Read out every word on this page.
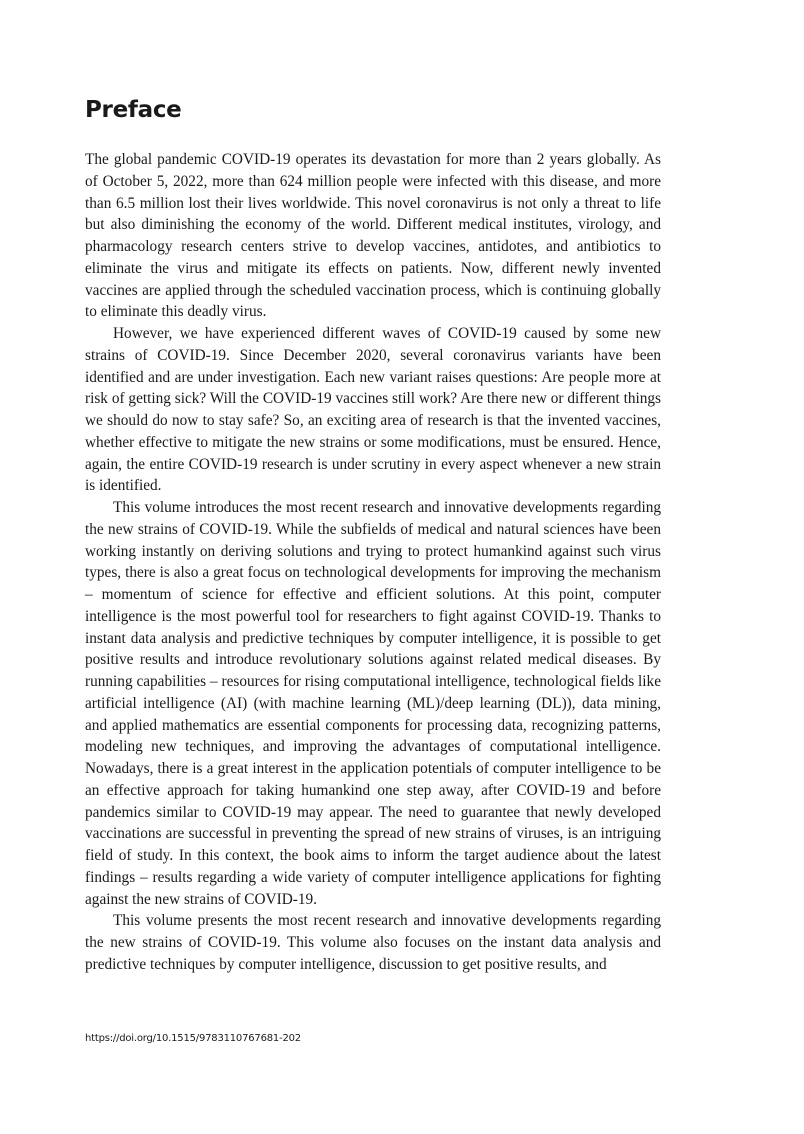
Preface

The global pandemic COVID-19 operates its devastation for more than 2 years globally. As of October 5, 2022, more than 624 million people were infected with this disease, and more than 6.5 million lost their lives worldwide. This novel coronavirus is not only a threat to life but also diminishing the economy of the world. Different medical institutes, virology, and pharmacology research centers strive to develop vaccines, antidotes, and antibiotics to eliminate the virus and mitigate its effects on patients. Now, different newly invented vaccines are applied through the scheduled vaccination process, which is continuing globally to eliminate this deadly virus.

However, we have experienced different waves of COVID-19 caused by some new strains of COVID-19. Since December 2020, several coronavirus variants have been identified and are under investigation. Each new variant raises questions: Are people more at risk of getting sick? Will the COVID-19 vaccines still work? Are there new or different things we should do now to stay safe? So, an exciting area of research is that the invented vaccines, whether effective to mitigate the new strains or some modifications, must be ensured. Hence, again, the entire COVID-19 research is under scrutiny in every aspect whenever a new strain is identified.

This volume introduces the most recent research and innovative developments regarding the new strains of COVID-19. While the subfields of medical and natural sciences have been working instantly on deriving solutions and trying to protect humankind against such virus types, there is also a great focus on technological developments for improving the mechanism – momentum of science for effective and efficient solutions. At this point, computer intelligence is the most powerful tool for researchers to fight against COVID-19. Thanks to instant data analysis and predictive techniques by computer intelligence, it is possible to get positive results and introduce revolutionary solutions against related medical diseases. By running capabilities – resources for rising computational intelligence, technological fields like artificial intelligence (AI) (with machine learning (ML)/deep learning (DL)), data mining, and applied mathematics are essential components for processing data, recognizing patterns, modeling new techniques, and improving the advantages of computational intelligence. Nowadays, there is a great interest in the application potentials of computer intelligence to be an effective approach for taking humankind one step away, after COVID-19 and before pandemics similar to COVID-19 may appear. The need to guarantee that newly developed vaccinations are successful in preventing the spread of new strains of viruses, is an intriguing field of study. In this context, the book aims to inform the target audience about the latest findings – results regarding a wide variety of computer intelligence applications for fighting against the new strains of COVID-19.

This volume presents the most recent research and innovative developments regarding the new strains of COVID-19. This volume also focuses on the instant data analysis and predictive techniques by computer intelligence, discussion to get positive results, and

https://doi.org/10.1515/9783110767681-202
